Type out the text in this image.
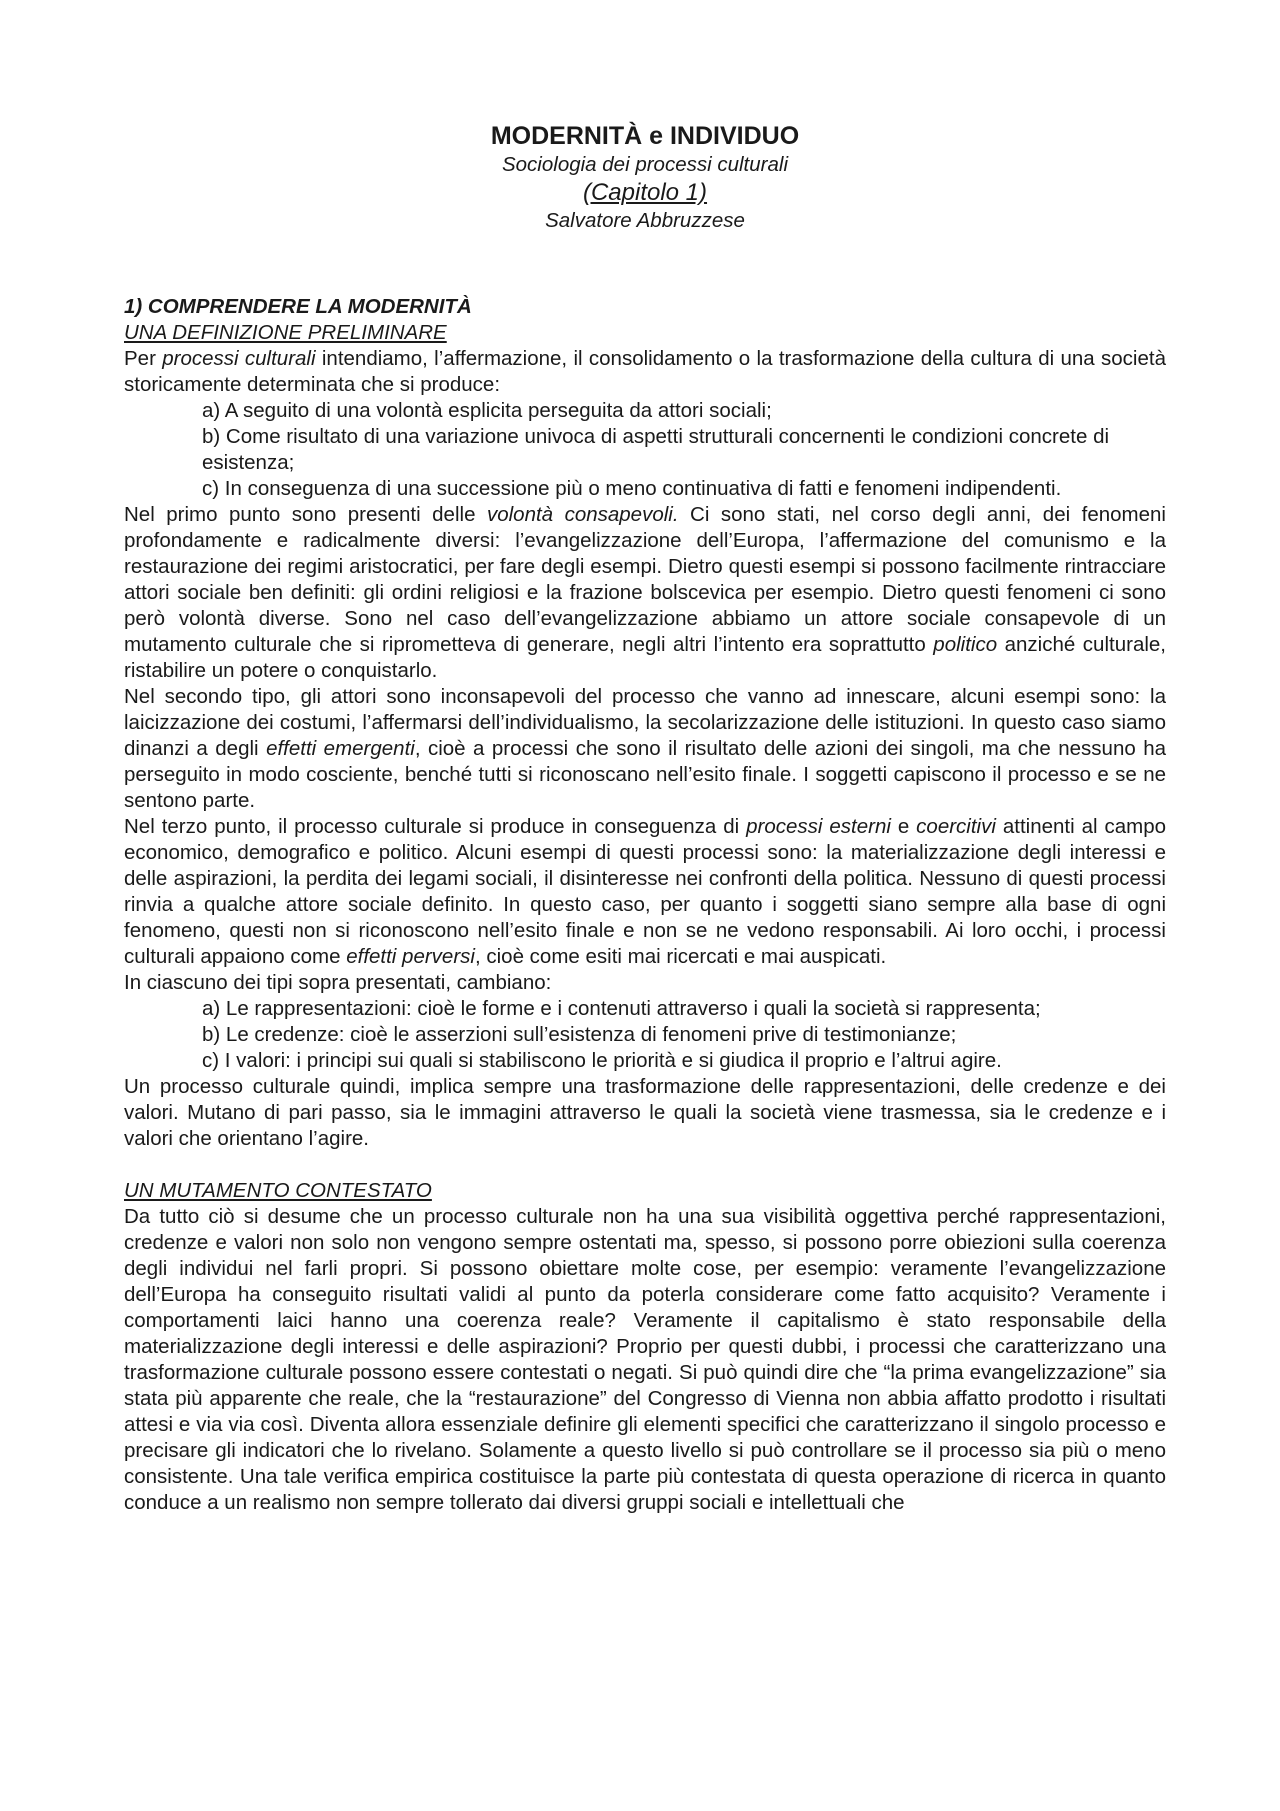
MODERNITÀ e INDIVIDUO
Sociologia dei processi culturali
(Capitolo 1)
Salvatore Abbruzzese
1) COMPRENDERE LA MODERNITÀ
UNA DEFINIZIONE PRELIMINARE

Per processi culturali intendiamo, l’affermazione, il consolidamento o la trasformazione della cultura di una società storicamente determinata che si produce:

a) A seguito di una volontà esplicita perseguita da attori sociali;

b) Come risultato di una variazione univoca di aspetti strutturali concernenti le condizioni concrete di esistenza;

c) In conseguenza di una successione più o meno continuativa di fatti e fenomeni indipendenti.

Nel primo punto sono presenti delle volontà consapevoli. Ci sono stati, nel corso degli anni, dei fenomeni profondamente e radicalmente diversi: l’evangelizzazione dell’Europa, l’affermazione del comunismo e la restaurazione dei regimi aristocratici, per fare degli esempi. Dietro questi esempi si possono facilmente rintracciare attori sociale ben definiti: gli ordini religiosi e la frazione bolscevica per esempio. Dietro questi fenomeni ci sono però volontà diverse. Sono nel caso dell’evangelizzazione abbiamo un attore sociale consapevole di un mutamento culturale che si riprometteva di generare, negli altri l’intento era soprattutto politico anziché culturale, ristabilire un potere o conquistarlo.

Nel secondo tipo, gli attori sono inconsapevoli del processo che vanno ad innescare, alcuni esempi sono: la laicizzazione dei costumi, l’affermarsi dell’individualismo, la secolarizzazione delle istituzioni. In questo caso siamo dinanzi a degli effetti emergenti, cioè a processi che sono il risultato delle azioni dei singoli, ma che nessuno ha perseguito in modo cosciente, benché tutti si riconoscano nell’esito finale. I soggetti capiscono il processo e se ne sentono parte.

Nel terzo punto, il processo culturale si produce in conseguenza di processi esterni e coercitivi attinenti al campo economico, demografico e politico. Alcuni esempi di questi processi sono: la materializzazione degli interessi e delle aspirazioni, la perdita dei legami sociali, il disinteresse nei confronti della politica. Nessuno di questi processi rinvia a qualche attore sociale definito. In questo caso, per quanto i soggetti siano sempre alla base di ogni fenomeno, questi non si riconoscono nell’esito finale e non se ne vedono responsabili. Ai loro occhi, i processi culturali appaiono come effetti perversi, cioè come esiti mai ricercati e mai auspicati.

In ciascuno dei tipi sopra presentati, cambiano:

a) Le rappresentazioni: cioè le forme e i contenuti attraverso i quali la società si rappresenta;

b) Le credenze: cioè le asserzioni sull’esistenza di fenomeni prive di testimonianze;

c) I valori: i principi sui quali si stabiliscono le priorità e si giudica il proprio e l’altrui agire.

Un processo culturale quindi, implica sempre una trasformazione delle rappresentazioni, delle credenze e dei valori. Mutano di pari passo, sia le immagini attraverso le quali la società viene trasmessa, sia le credenze e i valori che orientano l’agire.

UN MUTAMENTO CONTESTATO

Da tutto ciò si desume che un processo culturale non ha una sua visibilità oggettiva perché rappresentazioni, credenze e valori non solo non vengono sempre ostentati ma, spesso, si possono porre obiezioni sulla coerenza degli individui nel farli propri. Si possono obiettare molte cose, per esempio: veramente l’evangelizzazione dell’Europa ha conseguito risultati validi al punto da poterla considerare come fatto acquisito? Veramente i comportamenti laici hanno una coerenza reale? Veramente il capitalismo è stato responsabile della materializzazione degli interessi e delle aspirazioni? Proprio per questi dubbi, i processi che caratterizzano una trasformazione culturale possono essere contestati o negati. Si può quindi dire che “la prima evangelizzazione” sia stata più apparente che reale, che la “restaurazione” del Congresso di Vienna non abbia affatto prodotto i risultati attesi e via via così. Diventa allora essenziale definire gli elementi specifici che caratterizzano il singolo processo e precisare gli indicatori che lo rivelano. Solamente a questo livello si può controllare se il processo sia più o meno consistente. Una tale verifica empirica costituisce la parte più contestata di questa operazione di ricerca in quanto conduce a un realismo non sempre tollerato dai diversi gruppi sociali e intellettuali che
